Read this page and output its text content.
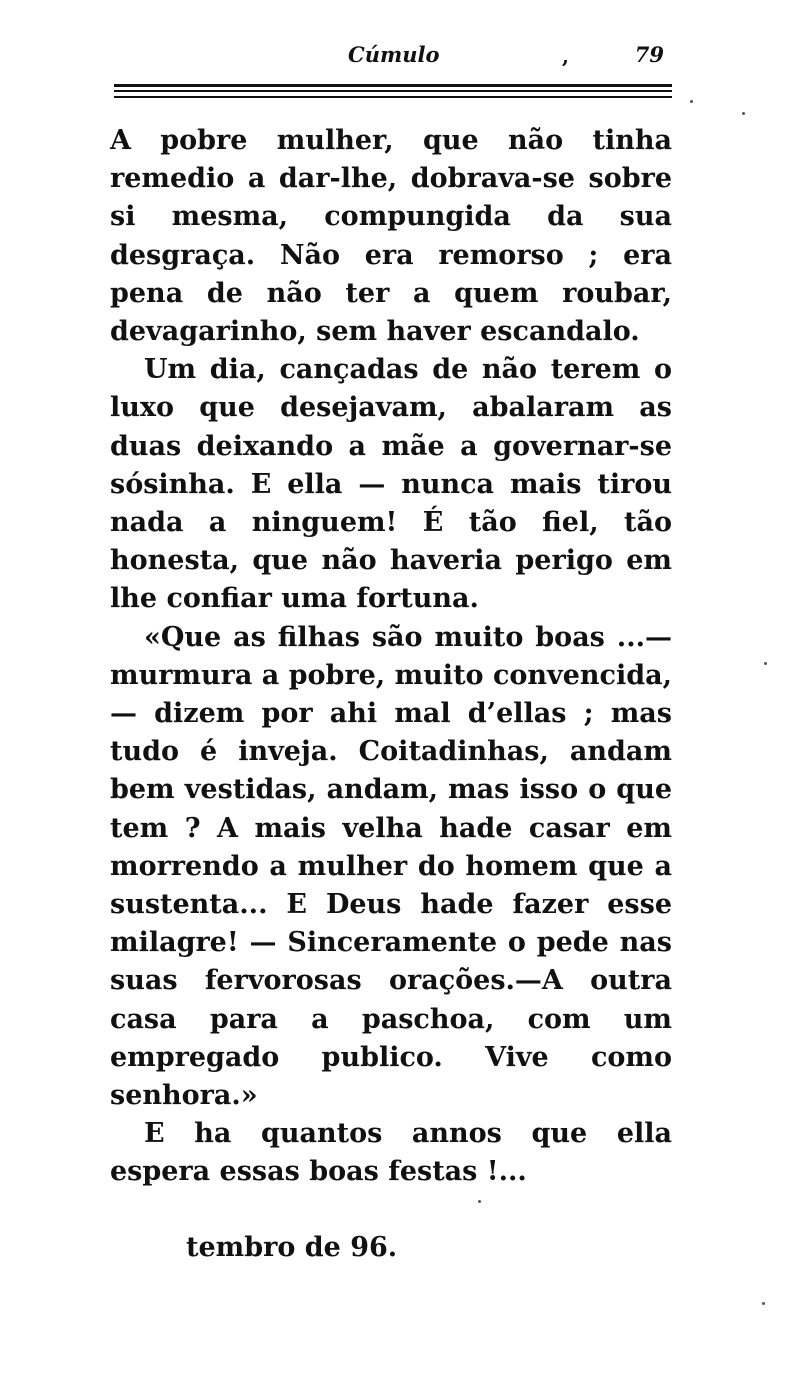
Cúmulo	,	79

A pobre mulher, que não tinha remedio a dar-lhe, dobrava-se sobre si mesma, compungida da sua desgraça. Não era remorso ; era pena de não ter a quem roubar, devagarinho, sem haver escandalo.

Um dia, cançadas de não terem o luxo que desejavam, abalaram as duas deixando a mãe a governar-se sósinha. E ella — nunca mais tirou nada a ninguem! É tão fiel, tão honesta, que não haveria perigo em lhe confiar uma fortuna.

«Que as filhas são muito boas ...— murmura a pobre, muito convencida, — dizem por ahi mal d’ellas ; mas tudo é inveja. Coitadinhas, andam bem vestidas, andam, mas isso o que tem ? A mais velha hade casar em morrendo a mulher do homem que a sustenta... E Deus hade fazer esse milagre! — Sinceramente o pede nas suas fervorosas orações.—A outra casa para a paschoa, com um empregado publico. Vive como senhora.»

E ha quantos annos que ella espera essas boas festas !...

tembro de 96.
